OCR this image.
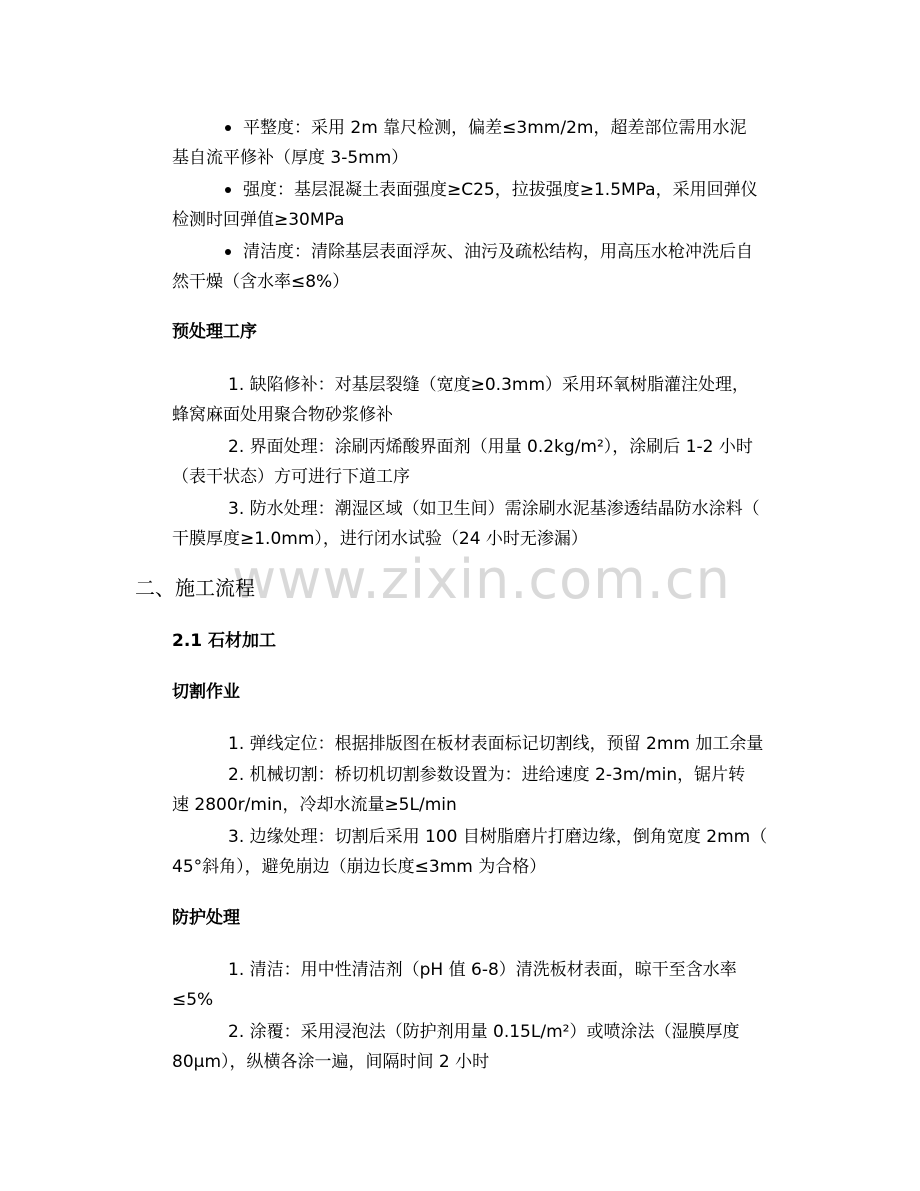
平整度：采用 2m 靠尺检测，偏差≤3mm/2m，超差部位需用水泥
基自流平修补（厚度 3-5mm）
强度：基层混凝土表面强度≥C25，拉拔强度≥1.5MPa，采用回弹仪
检测时回弹值≥30MPa
清洁度：清除基层表面浮灰、油污及疏松结构，用高压水枪冲洗后自
然干燥（含水率≤8%）
预处理工序
1. 缺陷修补：对基层裂缝（宽度≥0.3mm）采用环氧树脂灌注处理，
蜂窝麻面处用聚合物砂浆修补
2. 界面处理：涂刷丙烯酸界面剂（用量 0.2kg/m²），涂刷后 1-2 小时
（表干状态）方可进行下道工序
3. 防水处理：潮湿区域（如卫生间）需涂刷水泥基渗透结晶防水涂料（
干膜厚度≥1.0mm），进行闭水试验（24 小时无渗漏）
www.zixin.com.cn
二、施工流程
2.1 石材加工
切割作业
1. 弹线定位：根据排版图在板材表面标记切割线，预留 2mm 加工余量
2. 机械切割：桥切机切割参数设置为：进给速度 2-3m/min，锯片转
速 2800r/min，冷却水流量≥5L/min
3. 边缘处理：切割后采用 100 目树脂磨片打磨边缘，倒角宽度 2mm（
45°斜角），避免崩边（崩边长度≤3mm 为合格）
防护处理
1. 清洁：用中性清洁剂（pH 值 6-8）清洗板材表面，晾干至含水率
≤5%
2. 涂覆：采用浸泡法（防护剂用量 0.15L/m²）或喷涂法（湿膜厚度
80μm），纵横各涂一遍，间隔时间 2 小时
